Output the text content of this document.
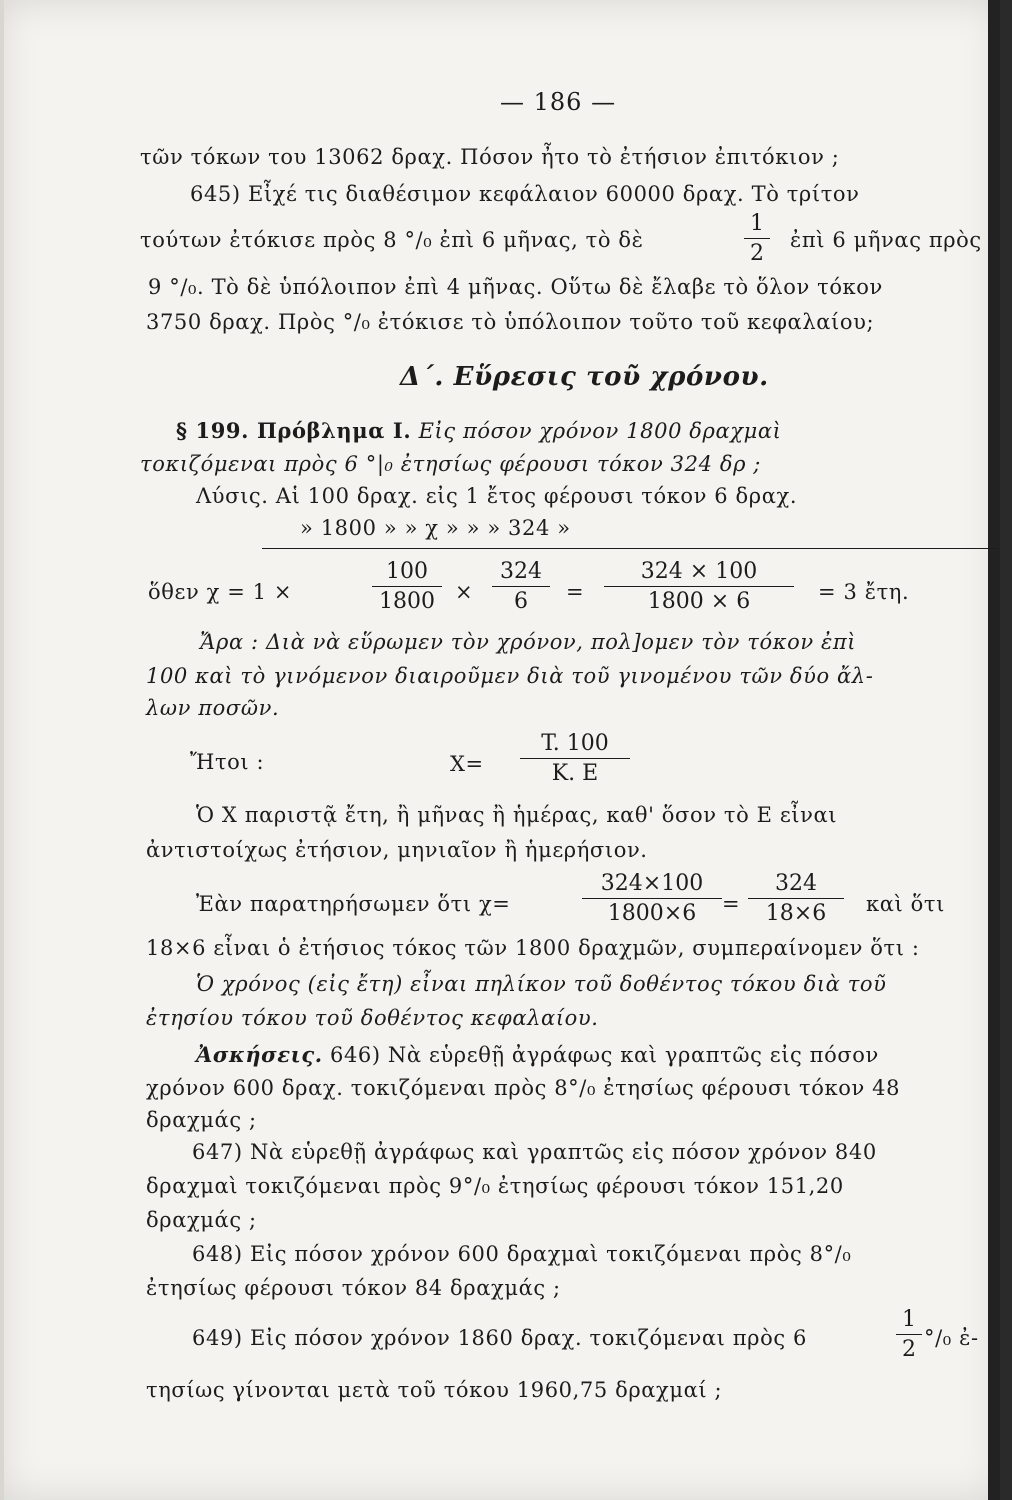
— 186 —
τῶν τόκων του 13062 δραχ. Πόσον ἦτο τὸ ἐτήσιον ἐπιτόκιον ;
645) Εἶχέ τις διαθέσιμον κεφάλαιον 60000 δραχ. Τὸ τρίτον
τούτων ἐτόκισε πρὸς 8 °/₀ ἐπὶ 6 μῆνας, τὸ δὲ	$\frac{1}{2}$ ἐπὶ 6 μῆνας πρὸς
9 °/₀. Τὸ δὲ ὑπόλοιπον ἐπὶ 4 μῆνας. Οὕτω δὲ ἔλαβε τὸ ὅλον τόκον
3750 δραχ. Πρὸς °/₀ ἐτόκισε τὸ ὑπόλοιπον τοῦτο τοῦ κεφαλαίου;
Δ΄. Εὕρεσις τοῦ χρόνου.
§ 199. Πρόβλημα Ι. Εἰς πόσον χρόνον 1800 δραχμαὶ
τοκιζόμεναι πρὸς 6 °|₀ ἐτησίως φέρουσι τόκον 324 δρ ;
Λύσις. Αἱ 100 δραχ. εἰς 1 ἔτος φέρουσι τόκον 6 δραχ.
» 1800 » » χ » » » 324 »
ὅθεν χ = 1 ×	$\frac{100}{1800} \times \frac{324}{6} = \frac{324 \times 100}{1800 \times 6} = 3$ ἔτη.
Ἄρα : Διὰ νὰ εὕρωμεν τὸν χρόνον, πολ]ομεν τὸν τόκον ἐπὶ
100 καὶ τὸ γινόμενον διαιροῦμεν διὰ τοῦ γινομένου τῶν δύο ἄλ-
λων ποσῶν.
Ἤτοι :	$X= \frac{T. 100}{K. E}$
Ὁ X παριστᾷ ἔτη, ἢ μῆνας ἢ ἡμέρας, καθ' ὅσον τὸ Ε εἶναι
ἀντιστοίχως ἐτήσιον, μηνιαῖον ἢ ἡμερήσιον.
Ἐὰν παρατηρήσωμεν ὅτι χ=	$\frac{324\times 100}{1800\times 6} = \frac{324}{18\times 6}$ καὶ ὅτι
18×6 εἶναι ὁ ἐτήσιος τόκος τῶν 1800 δραχμῶν, συμπεραίνομεν ὅτι :
Ὁ χρόνος (εἰς ἔτη) εἶναι πηλίκον τοῦ δοθέντος τόκου διὰ τοῦ
ἐτησίου τόκου τοῦ δοθέντος κεφαλαίου.
Ἀσκήσεις. 646) Νὰ εὑρεθῇ ἀγράφως καὶ γραπτῶς εἰς πόσον
χρόνον 600 δραχ. τοκιζόμεναι πρὸς 8°/₀ ἐτησίως φέρουσι τόκον 48
δραχμάς ;
647) Νὰ εὑρεθῇ ἀγράφως καὶ γραπτῶς εἰς πόσον χρόνον 840
δραχμαὶ τοκιζόμεναι πρὸς 9°/₀ ἐτησίως φέρουσι τόκον 151,20
δραχμάς ;
648) Εἰς πόσον χρόνον 600 δραχμαὶ τοκιζόμεναι πρὸς 8°/₀
ἐτησίως φέρουσι τόκον 84 δραχμάς ;
649) Εἰς πόσον χρόνον 1860 δραχ. τοκιζόμεναι πρὸς 6	$\frac{1}{2} ^\circ/_0$ ἐ-
τησίως γίνονται μετὰ τοῦ τόκου 1960,75 δραχμαί ;
